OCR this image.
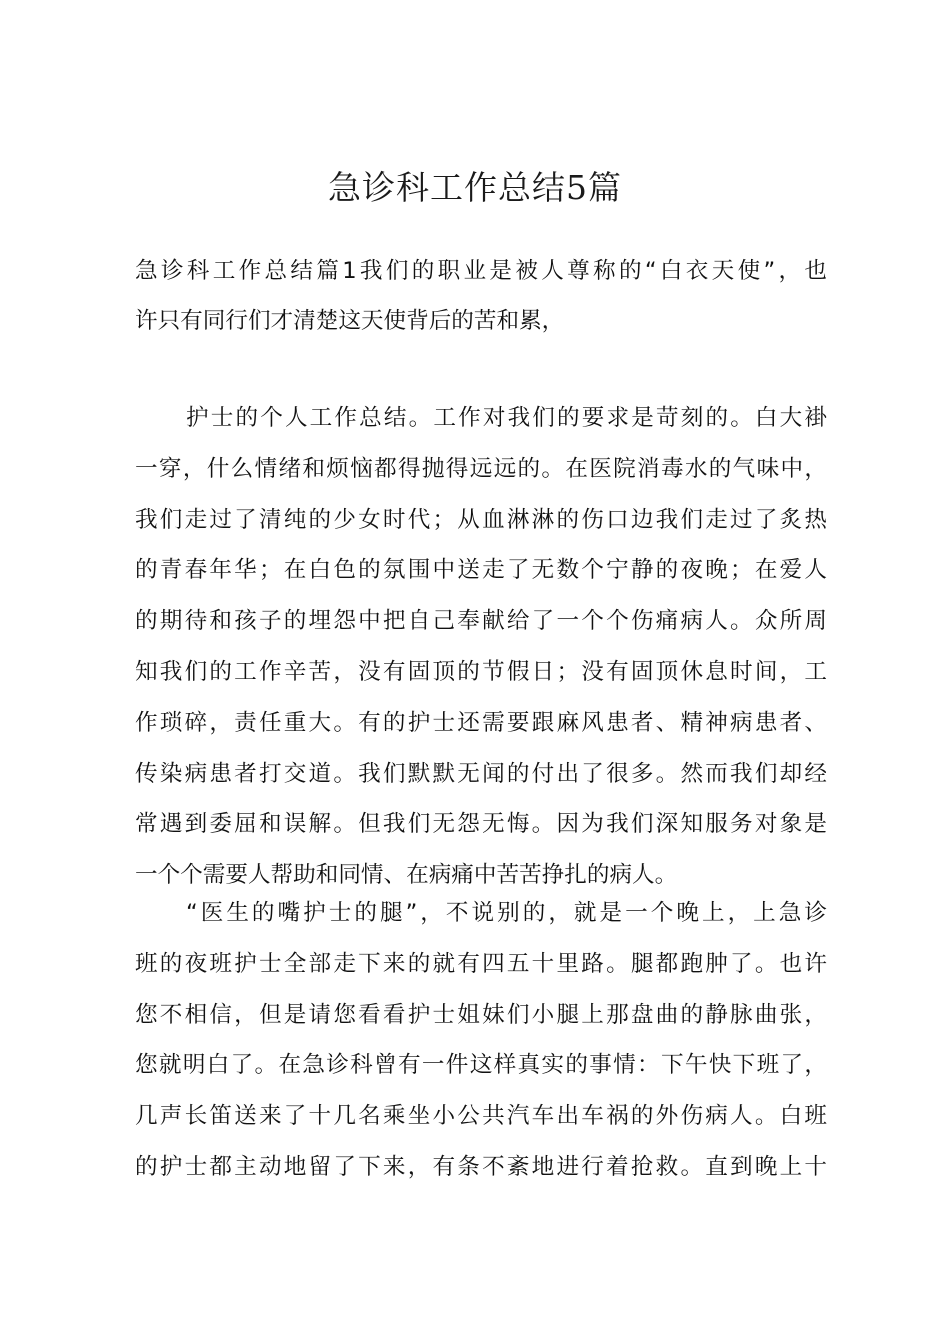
急诊科工作总结5篇
急诊科工作总结篇1我们的职业是被人尊称的“白衣天使”，也
许只有同行们才清楚这天使背后的苦和累，
护士的个人工作总结。工作对我们的要求是苛刻的。白大褂
一穿，什么情绪和烦恼都得抛得远远的。在医院消毒水的气味中，
我们走过了清纯的少女时代；从血淋淋的伤口边我们走过了炙热
的青春年华；在白色的氛围中送走了无数个宁静的夜晚；在爱人
的期待和孩子的埋怨中把自己奉献给了一个个伤痛病人。众所周
知我们的工作辛苦，没有固顶的节假日；没有固顶休息时间，工
作琐碎，责任重大。有的护士还需要跟麻风患者、精神病患者、
传染病患者打交道。我们默默无闻的付出了很多。然而我们却经
常遇到委屈和误解。但我们无怨无悔。因为我们深知服务对象是
一个个需要人帮助和同情、在病痛中苦苦挣扎的病人。
“医生的嘴护士的腿”，不说别的，就是一个晚上，上急诊
班的夜班护士全部走下来的就有四五十里路。腿都跑肿了。也许
您不相信，但是请您看看护士姐妹们小腿上那盘曲的静脉曲张，
您就明白了。在急诊科曾有一件这样真实的事情：下午快下班了，
几声长笛送来了十几名乘坐小公共汽车出车祸的外伤病人。白班
的护士都主动地留了下来，有条不紊地进行着抢救。直到晚上十
